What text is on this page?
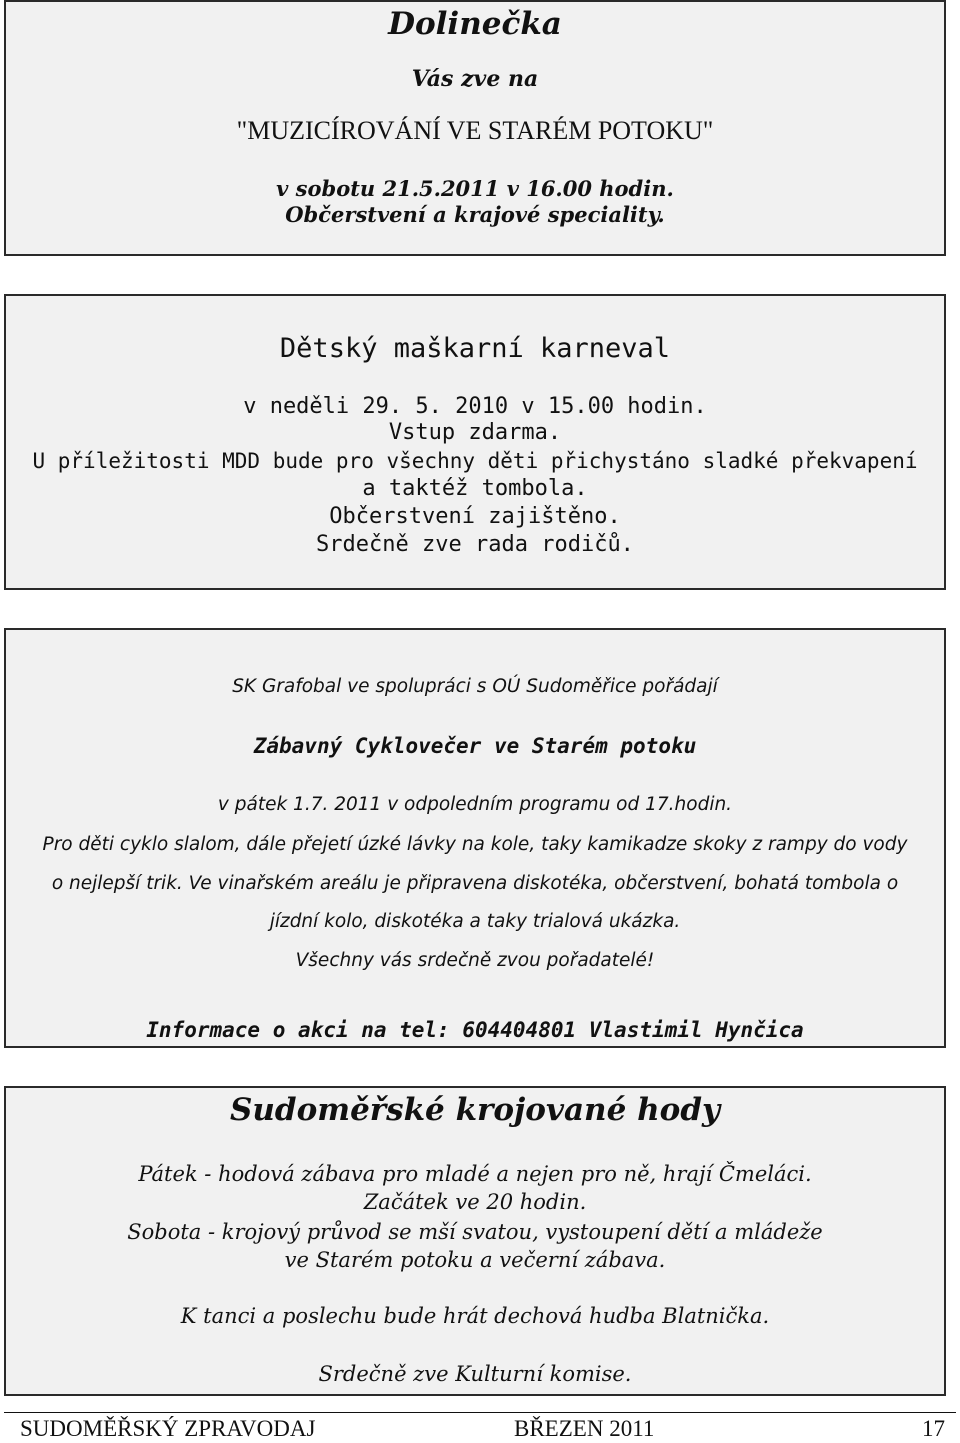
Dolinečka

Vás zve na

"MUZICÍROVÁNÍ VE STARÉM POTOKU"

v sobotu 21.5.2011 v 16.00 hodin.

Občerstvení a krajové speciality.

Dětský maškarní karneval

v neděli 29. 5. 2010 v 15.00 hodin.

Vstup zdarma.

U příležitosti MDD bude pro všechny děti přichystáno sladké překvapení

a taktéž tombola.

Občerstvení zajištěno.

Srdečně zve rada rodičů.

SK Grafobal ve spolupráci s OÚ Sudoměřice pořádají

Zábavný Cyklovečer ve Starém potoku

v pátek 1.7. 2011 v odpoledním programu od 17.hodin.

Pro děti cyklo slalom, dále přejetí úzké lávky na kole, taky kamikadze skoky z rampy do vody

o nejlepší trik. Ve vinařském areálu je připravena diskotéka, občerstvení, bohatá tombola o

jízdní kolo, diskotéka a taky trialová ukázka.

Všechny vás srdečně zvou pořadatelé!

Informace o akci na tel: 604404801 Vlastimil Hynčica

Sudoměřské krojované hody

Pátek - hodová zábava pro mladé a nejen pro ně, hrají Čmeláci.

Začátek ve 20 hodin.

Sobota - krojový průvod se mší svatou, vystoupení dětí a mládeže

ve Starém potoku a večerní zábava.

K tanci a poslechu bude hrát dechová hudba Blatnička.

Srdečně zve Kulturní komise.

SUDOMĚŘSKÝ ZPRAVODAJ	BŘEZEN 2011	17
